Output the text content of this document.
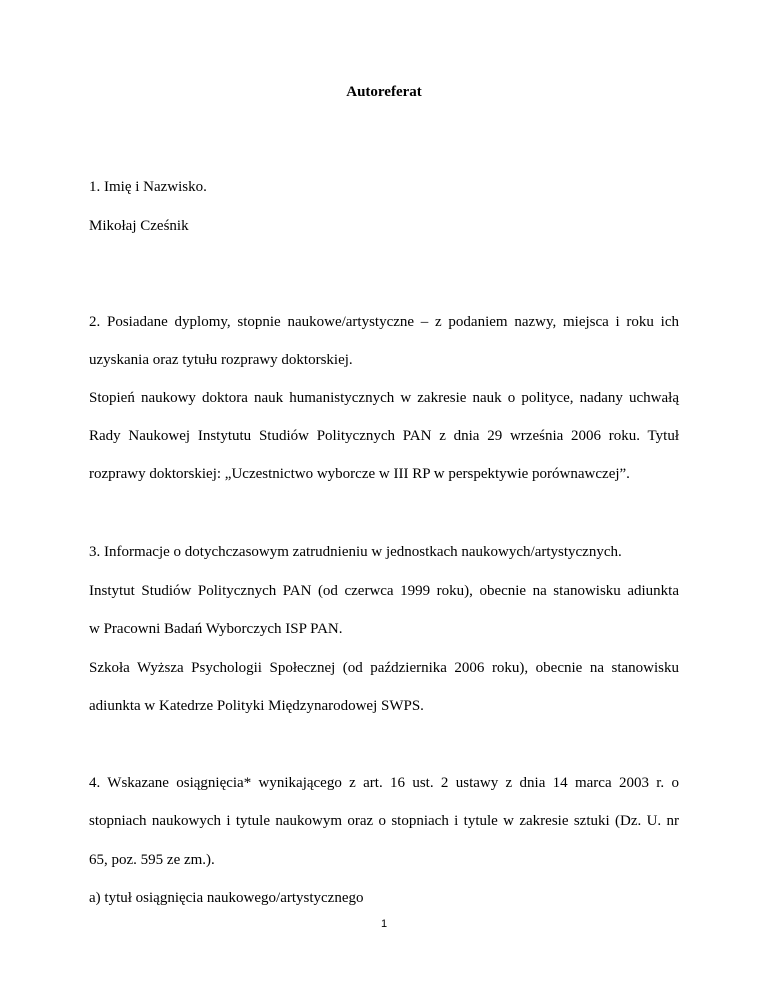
Autoreferat
1. Imię i Nazwisko.
Mikołaj Cześnik
2. Posiadane dyplomy, stopnie naukowe/artystyczne – z podaniem nazwy, miejsca i roku ich
uzyskania oraz tytułu rozprawy doktorskiej.
Stopień naukowy doktora nauk humanistycznych w zakresie nauk o polityce, nadany uchwałą
Rady Naukowej Instytutu Studiów Politycznych PAN z dnia 29 września 2006 roku. Tytuł
rozprawy doktorskiej: „Uczestnictwo wyborcze w III RP w perspektywie porównawczej”.
3. Informacje o dotychczasowym zatrudnieniu w jednostkach naukowych/artystycznych.
Instytut Studiów Politycznych PAN (od czerwca 1999 roku), obecnie na stanowisku adiunkta
w Pracowni Badań Wyborczych ISP PAN.
Szkoła Wyższa Psychologii Społecznej (od października 2006 roku), obecnie na stanowisku
adiunkta w Katedrze Polityki Międzynarodowej SWPS.
4. Wskazane osiągnięcia* wynikającego z art. 16 ust. 2 ustawy z dnia 14 marca 2003 r. o
stopniach naukowych i tytule naukowym oraz o stopniach i tytule w zakresie sztuki (Dz. U. nr
65, poz. 595 ze zm.).
a) tytuł osiągnięcia naukowego/artystycznego
1
